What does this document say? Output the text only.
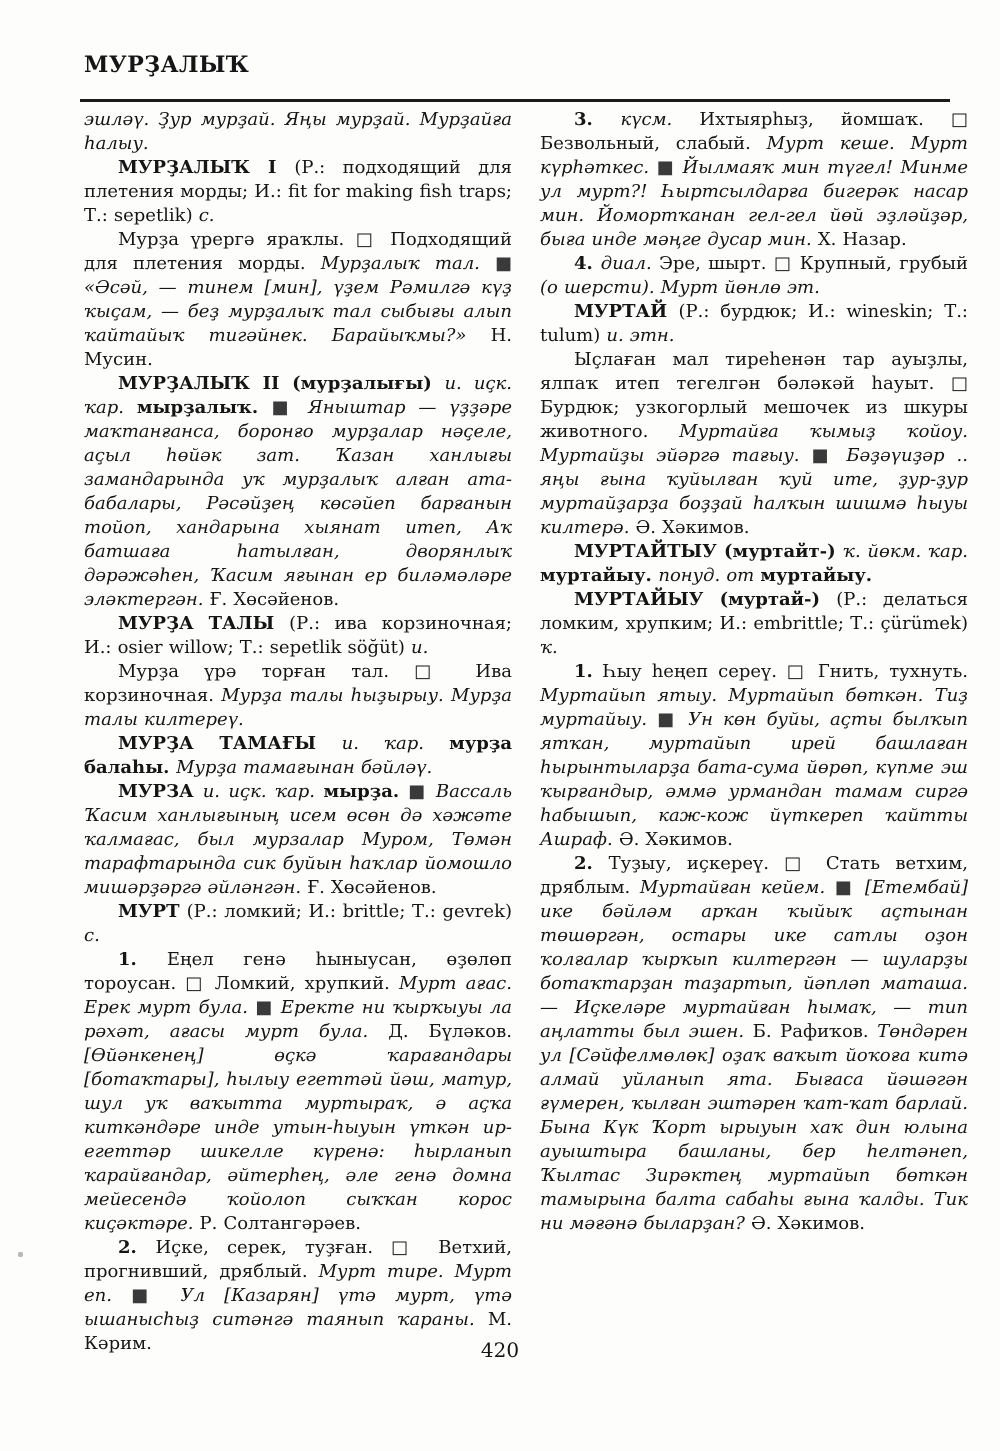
МУРҘАЛЫҠ

эшләү. Ҙур мурҙай. Яңы мурҙай. Мурҙайға һалыу.

МУРҘАЛЫҠ I (Р.: подходящий для плетения морды; И.: fit for making fish traps; Т.: sepetlik) с.

Мурҙа үрергә яраҡлы. □ Подходящий для плетения морды. Мурҙалыҡ тал. ■ «Әсәй, — тинем [мин], үҙем Рәмилгә күҙ ҡыҫам, — беҙ мурҙалыҡ тал сыбығы алып ҡайтайыҡ тигәйнек. Барайыҡмы?» Н. Мусин.

МУРҘАЛЫҠ II (мурҙалығы) и. иҫк. ҡар. мырҙалыҡ. ■ Яныштар — үҙҙәре маҡтанғанса, боронғо мурҙалар нәҫеле, аҫыл һөйәк зат. Ҡазан ханлығы замандарында уҡ мурҙалыҡ алған ата-бабалары, Рәсәйҙең көсәйеп барғанын тойоп, хандарына хыянат итеп, Аҡ батшаға һатылған, дворянлыҡ дәрәжәһен, Ҡасим яғынан ер биләмәләре эләктергән. Ғ. Хөсәйенов.

МУРҘА ТАЛЫ (Р.: ива корзиночная; И.: osier willow; Т.: sepetlik söğüt) и.

Мурҙа үрә торған тал. □ Ива корзиночная. Мурҙа талы һыҙырыу. Мурҙа талы килтереү.

МУРҘА ТАМАҒЫ и. ҡар. мурҙа балаһы. Мурҙа тамағынан бәйләү.

МУРЗА и. иҫк. ҡар. мырҙа. ■ Вассаль Ҡасим ханлығының исем өсөн дә хәжәте ҡалмағас, был мурзалар Муром, Төмән тарафтарында сик буйын һаҡлар йомошло мишәрҙәргә әйләнгән. Ғ. Хөсәйенов.

МУРТ (Р.: ломкий; И.: brittle; Т.: gevrek) с.

1. Еңел генә һыныусан, өҙөлөп тороусан. □ Ломкий, хрупкий. Мурт ағас. Ерек мурт була. ■ Еректе ни ҡырҡыуы ла рәхәт, ағасы мурт була. Д. Бүләков. [Өйәнкенең] өҫкә ҡарағандары [ботаҡтары], һылыу егеттәй йәш, матур, шул уҡ ваҡытта муртыраҡ, ә аҫҡа киткәндәре инде утын-һыуын үткән ир-егеттәр шикелле күренә: һырланып ҡарайғандар, әйтерһең, әле генә домна мейесендә ҡойолоп сыҡҡан корос киҫәктәре. Р. Солтангәрәев.

2. Иҫке, серек, туҙған. □ Ветхий, прогнивший, дряблый. Мурт тире. Мурт еп. ■ Ул [Казарян] үтә мурт, үтә ышанысһыҙ ситәнгә таянып ҡараны. М. Кәрим.

3. күсм. Ихтыярһыҙ, йомшаҡ. □ Безвольный, слабый. Мурт кеше. Мурт күрһәткес. ■ Йылмаяҡ мин түгел! Минме ул мурт?! Һыртсылдарға бигерәк насар мин. Йомортҡанан гел-гел йөй эҙләйҙәр, быға инде мәңге дусар мин. Х. Назар.

4. диал. Эре, шырт. □ Крупный, грубый (о шерсти). Мурт йөнлө эт.

МУРТАЙ (Р.: бурдюк; И.: wineskin; Т.: tulum) и. этн.

Ыҫлаған мал тиреһенән тар ауыҙлы, ялпаҡ итеп тегелгән бәләкәй һауыт. □ Бурдюк; узкогорлый мешочек из шкуры животного. Муртайға ҡымыҙ ҡойоу. Муртайҙы эйәргә тағыу. ■ Бәҙәүиҙәр .. яңы ғына ҡуйылған ҡуй ите, ҙур-ҙур муртайҙарҙа боҙҙай һалҡын шишмә һыуы килтерә. Ә. Хәкимов.

МУРТАЙТЫУ (муртайт-) ҡ. йөкм. ҡар. муртайыу. понуд. от муртайыу.

МУРТАЙЫУ (муртай-) (Р.: делаться ломким, хрупким; И.: embrittle; Т.: çürümek) ҡ.

1. Һыу һеңеп сереү. □ Гнить, тухнуть. Муртайып ятыу. Муртайып бөткән. Тиҙ муртайыу. ■ Ун көн буйы, аҫты былҡып ятҡан, муртайып ирей башлаған һырынтыларҙа бата-сума йөрөп, күпме эш ҡырғандыр, әммә урмандан тамам сиргә һабышып, каж-кож йүткереп ҡайтты Ашраф. Ә. Хәкимов.

2. Туҙыу, иҫкереү. □ Стать ветхим, дряблым. Муртайған кейем. ■ [Етембай] ике бәйләм арҡан ҡыйыҡ аҫтынан төшөргән, остары ике сатлы оҙон ҡолғалар ҡырҡып килтергән — шуларҙы ботаҡтарҙан таҙартып, йәпләп маташа. — Иҫкеләре муртайған һымаҡ, — тип аңлатты был эшен. Б. Рафиҡов. Төндәрен ул [Сәйфелмөлөк] оҙаҡ ваҡыт йоҡоға китә алмай уйланып ята. Бығаса йәшәгән ғүмерен, ҡылған эштәрен ҡат-ҡат барлай. Бына Күк Ҡорт ырыуын хаҡ дин юлына ауыштыра башланы, бер һелтәнеп, Ҡылтас Зирәктең муртайып бөткән тамырына балта сабаһы ғына ҡалды. Тик ни мәғәнә быларҙан? Ә. Хәкимов.

420
